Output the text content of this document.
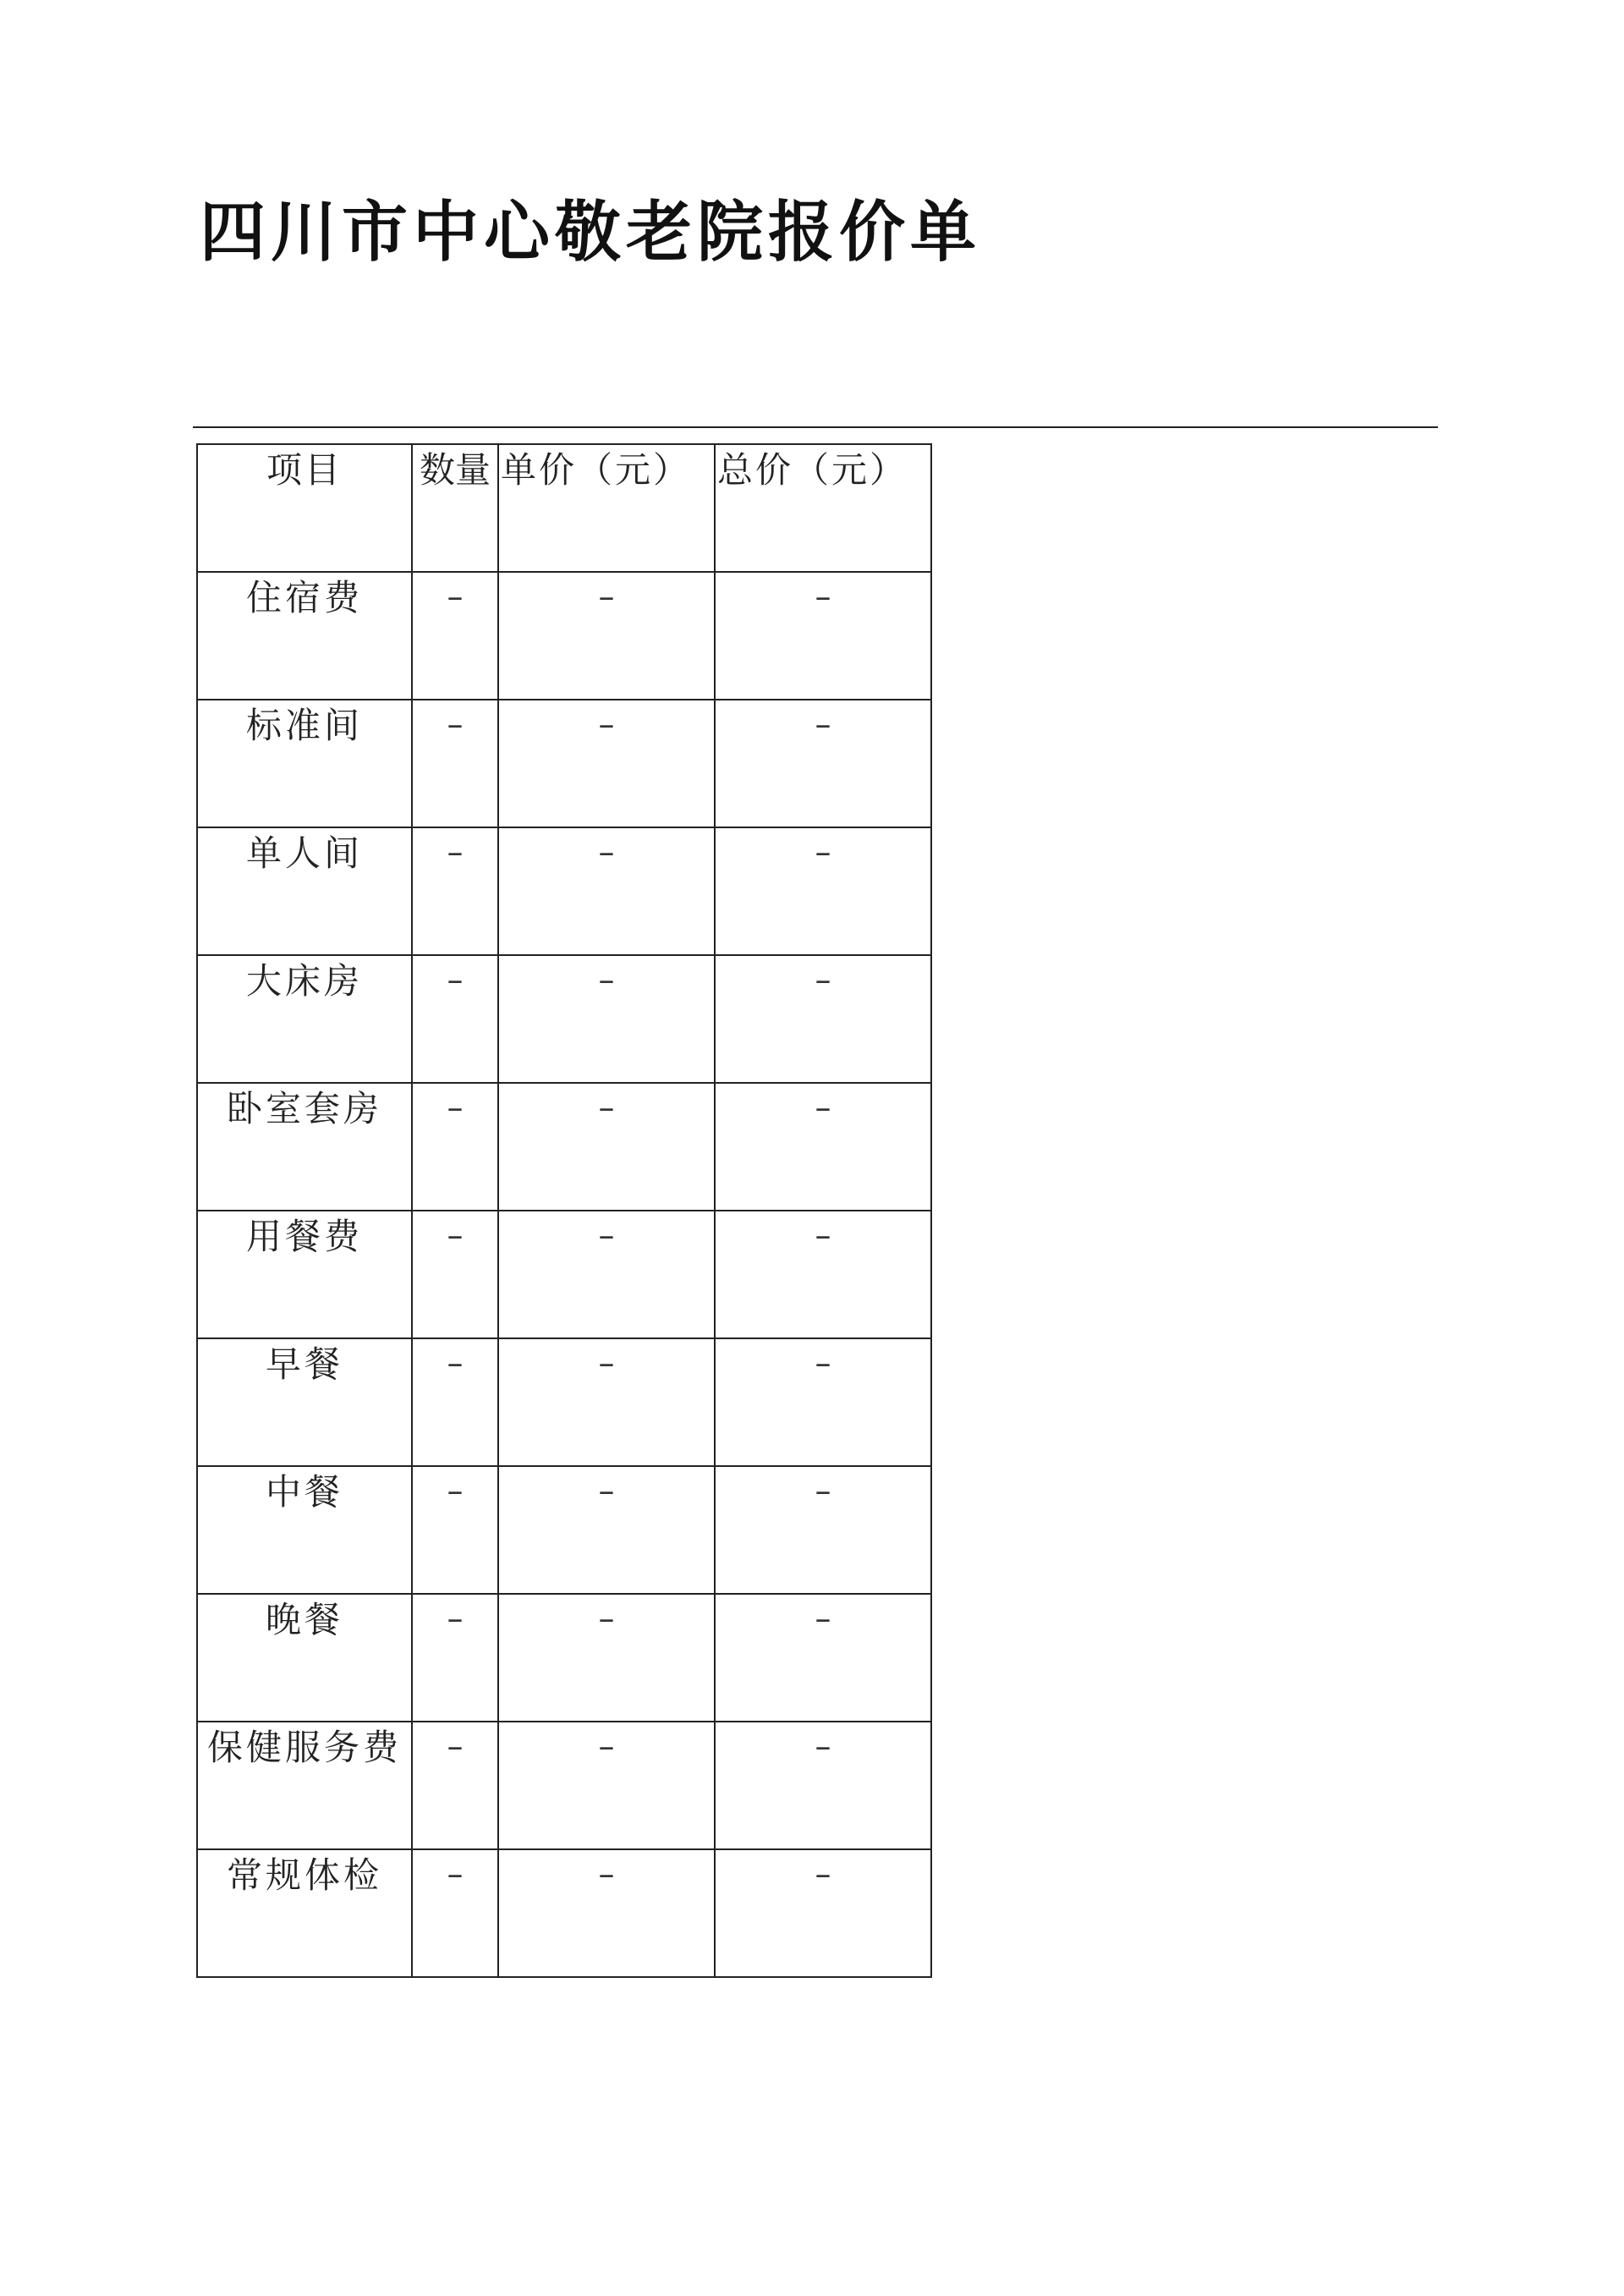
四川市中心敬老院报价单
项目	数量	单价（元）	总价（元）

住宿费	–	–	–

标准间	–	–	–

单人间	–	–	–

大床房	–	–	–

卧室套房	–	–	–

用餐费	–	–	–

早餐	–	–	–

中餐	–	–	–

晚餐	–	–	–

保健服务费	–	–	–

常规体检	–	–	–
